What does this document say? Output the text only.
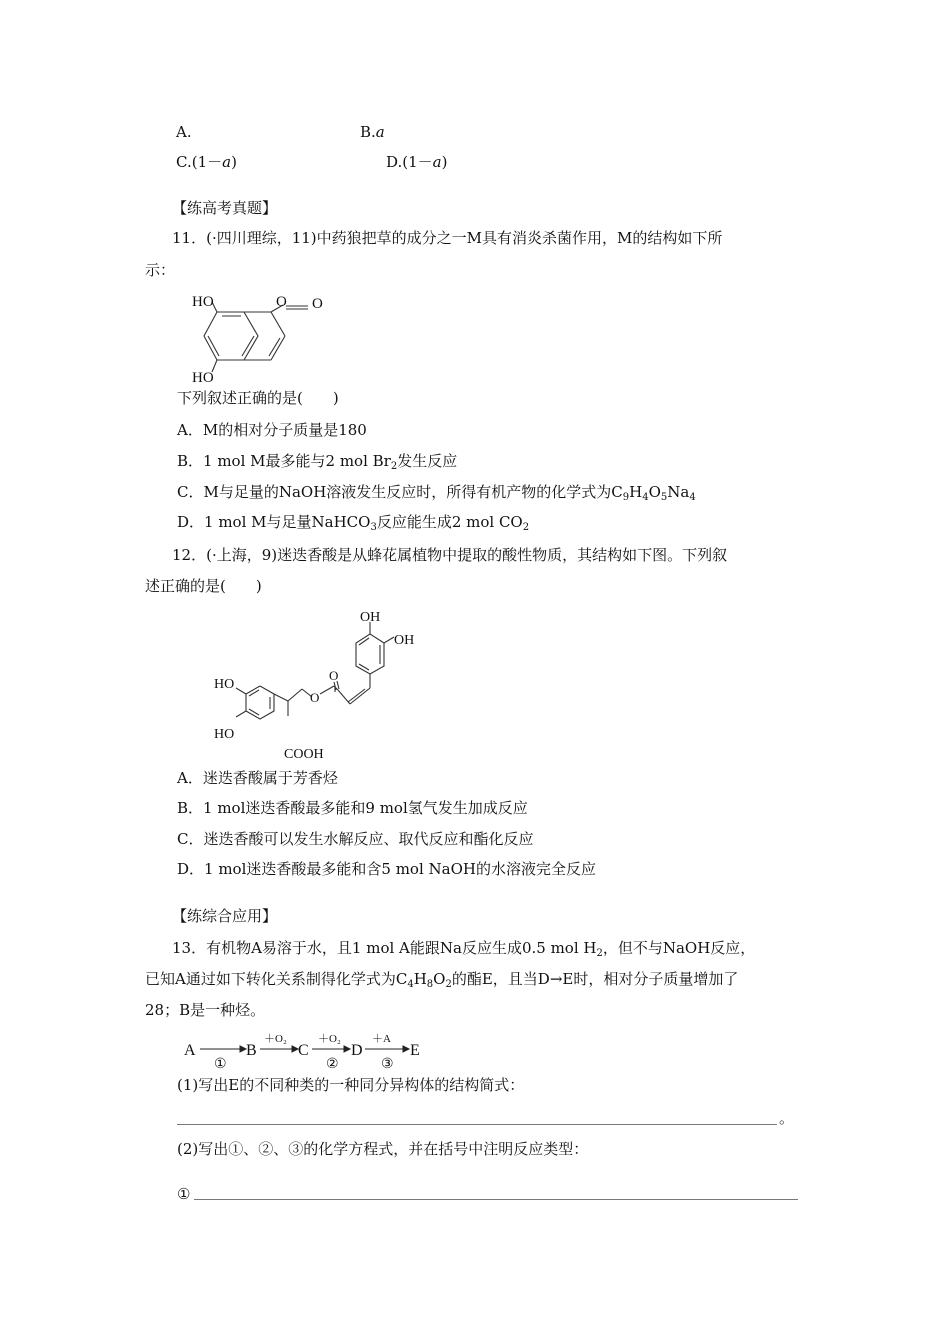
A.	B.a
C.(1－a)	D.(1－a)
【练高考真题】
11．(·四川理综，11)中药狼把草的成分之一M具有消炎杀菌作用，M的结构如下所
示：
HO	O O
HO
下列叙述正确的是(　　)
A．M的相对分子质量是180
B．1 mol M最多能与2 mol $Br_2$发生反应
C．M与足量的NaOH溶液发生反应时，所得有机产物的化学式为$C_9H_4O_5Na_4$
D．1 mol M与足量NaHCO$_3$反应能生成2 mol $CO_2$
12．(·上海，9)迷迭香酸是从蜂花属植物中提取的酸性物质，其结构如下图。下列叙
述正确的是(　　)
OH
OH
HO
HO
O
O
COOH
A．迷迭香酸属于芳香烃
B．1 mol迷迭香酸最多能和9 mol氢气发生加成反应
C．迷迭香酸可以发生水解反应、取代反应和酯化反应
D．1 mol迷迭香酸最多能和含5 mol NaOH的水溶液完全反应
【练综合应用】
13．有机物A易溶于水，且1 mol A能跟Na反应生成0.5 mol $H_2$，但不与NaOH反应，
已知A通过如下转化关系制得化学式为$C_4H_8O_2$的酯E，且当D→E时，相对分子质量增加了
28；B是一种烃。
A	B	C	D	E
①	②	③
＋O₂	＋O₂	＋A
(1)写出E的不同种类的一种同分异构体的结构简式：
。
(2)写出①、②、③的化学方程式，并在括号中注明反应类型：
①
